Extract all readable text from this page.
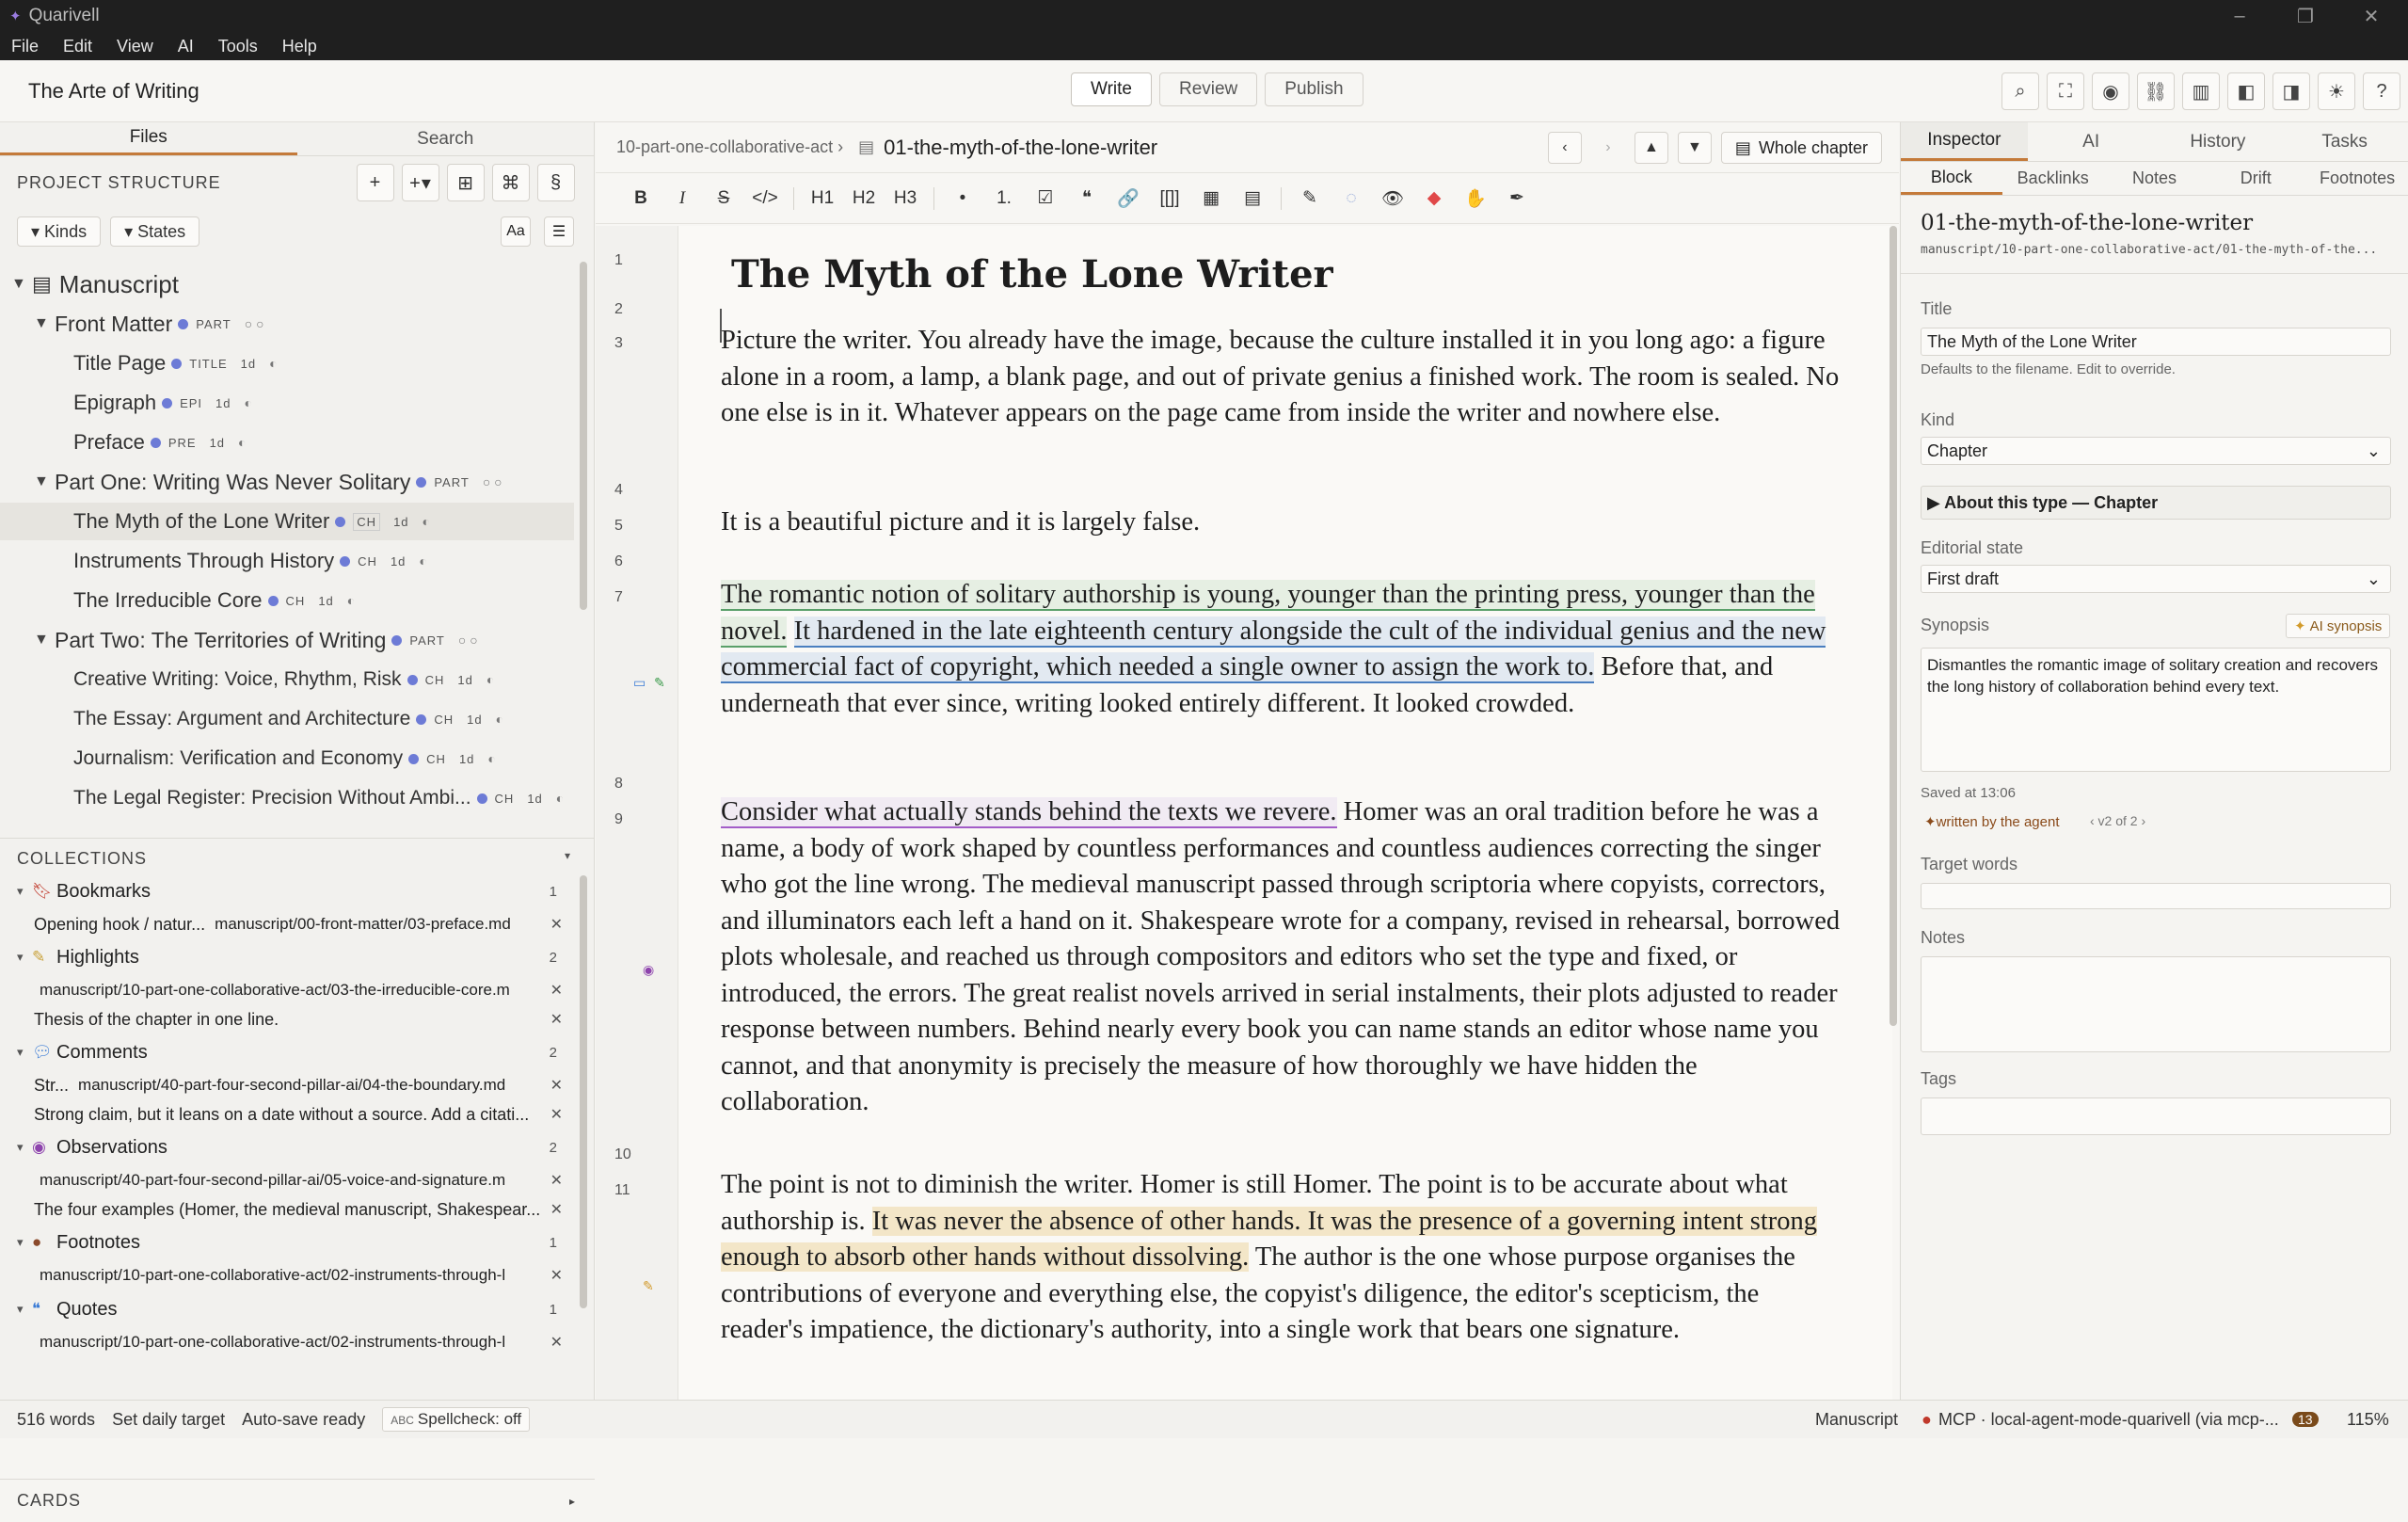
✦ Quarivell	‒	❐	✕
File Edit View AI Tools Help
The Arte of Writing	Write	Review	Publish	⌕	⛶	◉	⛓	▥	◧	◨	☀	?
Files	Search
PROJECT STRUCTURE	+	+▾	⊞	⌘	§
▾ Kinds	▾ States	Aa	☰
▼ ▤ Manuscript
▼ Front Matter PART ○ ○
Title Page TITLE 1d ◐
Epigraph EPI 1d ◐
Preface PRE 1d ◐
▼ Part One: Writing Was Never Solitary PART ○ ○
The Myth of the Lone Writer	CH	1d ◐
Instruments Through History CH 1d ◐
The Irreducible Core CH 1d ◐
▼ Part Two: The Territories of Writing PART ○ ○
Creative Writing: Voice, Rhythm, Risk CH 1d ◐
The Essay: Argument and Architecture CH 1d ◐
Journalism: Verification and Economy CH 1d ◐
The Legal Register: Precision Without Ambi... CH 1d ◐
COLLECTIONS	▾
▾ 🔖︎ Bookmarks	1
Opening hook / natur...
manuscript/00-front-matter/03-preface.md	✕
▾ ✎ Highlights	2
manuscript/10-part-one-collaborative-act/03-the-irreducible-core.m	✕
Thesis of the chapter in one line.	✕
▾ 💬︎ Comments	2
Str...
manuscript/40-part-four-second-pillar-ai/04-the-boundary.md	✕
Strong claim, but it leans on a date without a source. Add a citati... ✕
▾ ◉ Observations	2
manuscript/40-part-four-second-pillar-ai/05-voice-and-signature.m	✕
The four examples (Homer, the medieval manuscript, Shakespear... ✕
▾ ● Footnotes	1
manuscript/10-part-one-collaborative-act/02-instruments-through-l	✕
▾ ❝ Quotes	1
manuscript/10-part-one-collaborative-act/02-instruments-through-l	✕
CARDS	▸
10-part-one-collaborative-act › ▤ 01-the-myth-of-the-lone-writer	‹	›	▲	▼	▤ Whole chapter
B	I	S	</>	H1	H2	H3	•	1.	☑	❝	🔗	[[]]	▦	▤	✎	◌	👁	◆	✋	✒
1
2
3
4
5
6
7
8
9
10
11
▭ ✎
◉
✎
The Myth of the Lone Writer
Picture the writer. You already have the image, because the culture installed it in you long ago: a figure alone in a room, a lamp, a blank page, and out of private genius a finished work. The room is sealed. No one else is in it. Whatever appears on the page came from inside the writer and nowhere else.
It is a beautiful picture and it is largely false.
The romantic notion of solitary authorship is young, younger than the printing press, younger than the novel. It hardened in the late eighteenth century alongside the cult of the individual genius and the new commercial fact of copyright, which needed a single owner to assign the work to. Before that, and underneath that ever since, writing looked entirely different. It looked crowded.
Consider what actually stands behind the texts we revere. Homer was an oral tradition before he was a name, a body of work shaped by countless performances and countless audiences correcting the singer who got the line wrong. The medieval manuscript passed through scriptoria where copyists, correctors, and illuminators each left a hand on it. Shakespeare wrote for a company, revised in rehearsal, borrowed plots wholesale, and reached us through compositors and editors who set the type and fixed, or introduced, the errors. The great realist novels arrived in serial instalments, their plots adjusted to reader response between numbers. Behind nearly every book you can name stands an editor whose name you cannot, and that anonymity is precisely the measure of how thoroughly we have hidden the collaboration.
The point is not to diminish the writer. Homer is still Homer. The point is to be accurate about what authorship is. It was never the absence of other hands. It was the presence of a governing intent strong enough to absorb other hands without dissolving. The author is the one whose purpose organises the contributions of everyone and everything else, the copyist's diligence, the editor's scepticism, the reader's impatience, the dictionary's authority, into a single work that bears one signature.
Inspector	AI	History	Tasks
Block	Backlinks	Notes	Drift	Footnotes
01-the-myth-of-the-lone-writer
manuscript/10-part-one-collaborative-act/01-the-myth-of-the...
Title
The Myth of the Lone Writer
Defaults to the filename. Edit to override.
Kind
Chapter	⌄
▶ About this type — Chapter
Editorial state
First draft	⌄
Synopsis	✦ AI synopsis
Dismantles the romantic image of solitary creation and recovers the long history of collaboration behind every text.
Saved at 13:06
✦written by the agent ‹ v2 of 2 ›
Target words
Notes
Tags
516 words Set daily target Auto-save ready	ABC Spellcheck: off	Manuscript ● MCP · local-agent-mode-quarivell (via mcp-...	13	115%
